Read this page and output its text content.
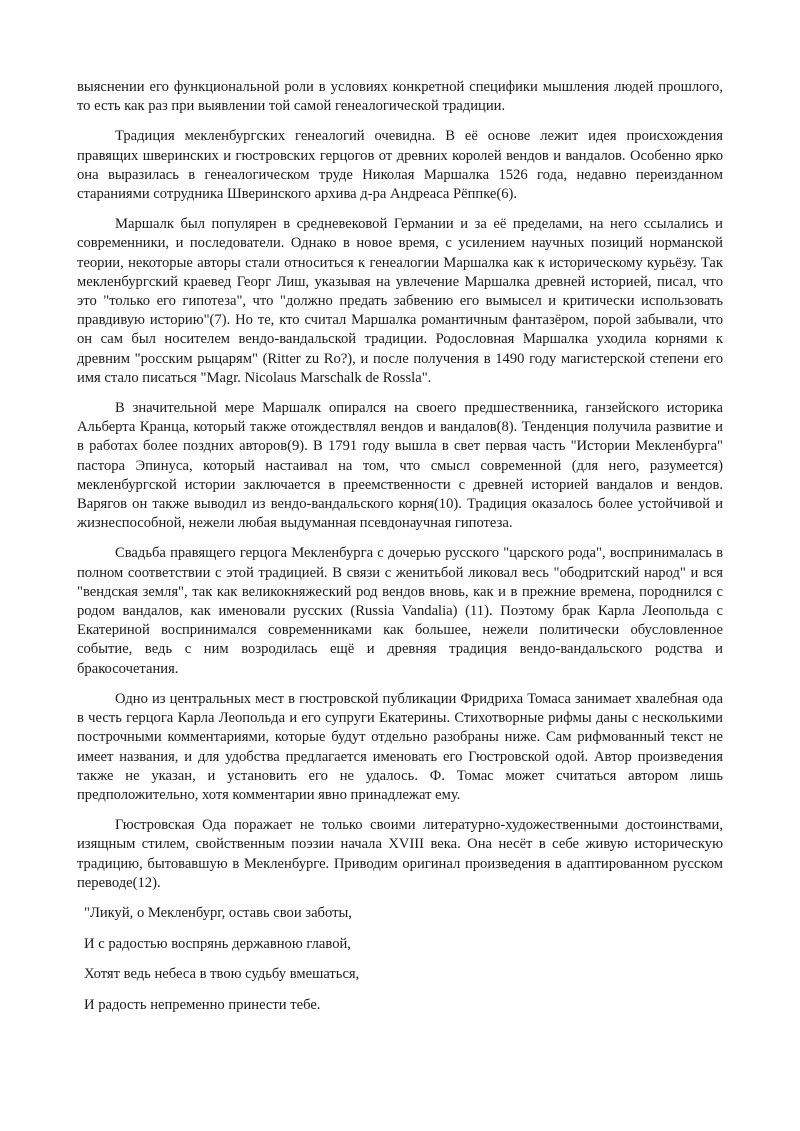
выяснении его функциональной роли в условиях конкретной специфики мышления людей прошлого, то есть как раз при выявлении той самой генеалогической традиции.

Традиция мекленбургских генеалогий очевидна. В её основе лежит идея происхождения правящих шверинских и гюстровских герцогов от древних королей вендов и вандалов. Особенно ярко она выразилась в генеалогическом труде Николая Маршалка 1526 года, недавно переизданном стараниями сотрудника Шверинского архива д-ра Андреаса Рёппке(6).

Маршалк был популярен в средневековой Германии и за её пределами, на него ссылались и современники, и последователи. Однако в новое время, с усилением научных позиций норманской теории, некоторые авторы стали относиться к генеалогии Маршалка как к историческому курьёзу. Так мекленбургский краевед Георг Лиш, указывая на увлечение Маршалка древней историей, писал, что это "только его гипотеза", что "должно предать забвению его вымысел и критически использовать правдивую историю"(7). Но те, кто считал Маршалка романтичным фантазёром, порой забывали, что он сам был носителем вендо-вандальской традиции. Родословная Маршалка уходила корнями к древним "росским рыцарям" (Ritter zu Ro?), и после получения в 1490 году магистерской степени его имя стало писаться "Magr. Nicolaus Marschalk de Rossla".

В значительной мере Маршалк опирался на своего предшественника, ганзейского историка Альберта Кранца, который также отождествлял вендов и вандалов(8). Тенденция получила развитие и в работах более поздних авторов(9). В 1791 году вышла в свет первая часть "Истории Мекленбурга" пастора Эпинуса, который настаивал на том, что смысл современной (для него, разумеется) мекленбургской истории заключается в преемственности с древней историей вандалов и вендов. Варягов он также выводил из вендо-вандальского корня(10). Традиция оказалось более устойчивой и жизнеспособной, нежели любая выдуманная псевдонаучная гипотеза.

Свадьба правящего герцога Мекленбурга с дочерью русского "царского рода", воспринималась в полном соответствии с этой традицией. В связи с женитьбой ликовал весь "ободритский народ" и вся "вендская земля", так как великокняжеский род вендов вновь, как и в прежние времена, породнился с родом вандалов, как именовали русских (Russia Vandalia) (11). Поэтому брак Карла Леопольда с Екатериной воспринимался современниками как большее, нежели политически обусловленное событие, ведь с ним возродилась ещё и древняя традиция вендо-вандальского родства и бракосочетания.

Одно из центральных мест в гюстровской публикации Фридриха Томаса занимает хвалебная ода в честь герцога Карла Леопольда и его супруги Екатерины. Стихотворные рифмы даны с несколькими построчными комментариями, которые будут отдельно разобраны ниже. Сам рифмованный текст не имеет названия, и для удобства предлагается именовать его Гюстровской одой. Автор произведения также не указан, и установить его не удалось. Ф. Томас может считаться автором лишь предположительно, хотя комментарии явно принадлежат ему.

Гюстровская Ода поражает не только своими литературно-художественными достоинствами, изящным стилем, свойственным поэзии начала XVIII века. Она несёт в себе живую историческую традицию, бытовавшую в Мекленбурге. Приводим оригинал произведения в адаптированном русском переводе(12).

"Ликуй, о Мекленбург, оставь свои заботы,

И с радостью воспрянь державною главой,

Хотят ведь небеса в твою судьбу вмешаться,

И радость непременно принести тебе.
